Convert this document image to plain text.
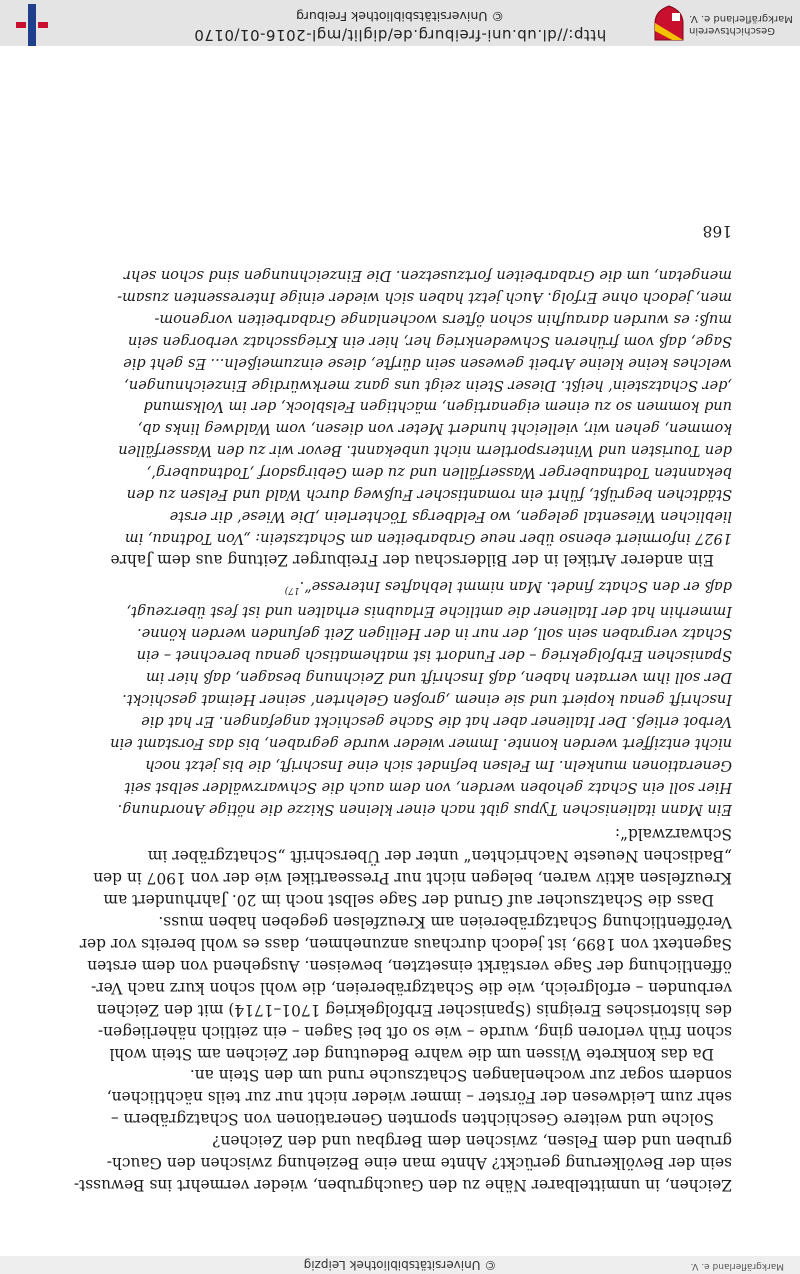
© Universitätsbibliothek Leipzig	Markgräflerland e. V.
Zeichen, in unmittelbarer Nähe zu den Gauchgruben, wieder vermehrt ins Bewusst-
sein der Bevölkerung gerückt? Ahnte man eine Beziehung zwischen den Gauch-
gruben und dem Felsen, zwischen dem Bergbau und den Zeichen?
Solche und weitere Geschichten spornten Generationen von Schatzgräbern –
sehr zum Leidwesen der Förster – immer wieder nicht nur zur teils nächtlichen,
sondern sogar zur wochenlangen Schatzsuche rund um den Stein an.
Da das konkrete Wissen um die wahre Bedeutung der Zeichen am Stein wohl
schon früh verloren ging, wurde – wie so oft bei Sagen – ein zeitlich näherliegen-
des historisches Ereignis (Spanischer Erbfolgekrieg 1701–1714) mit den Zeichen
verbunden – erfolgreich, wie die Schatzgräbereien, die wohl schon kurz nach Ver-
öffentlichung der Sage verstärkt einsetzten, beweisen. Ausgehend von dem ersten
Sagentext von 1899, ist jedoch durchaus anzunehmen, dass es wohl bereits vor der
Veröffentlichung Schatzgräbereien am Kreuzfelsen gegeben haben muss.
Dass die Schatzsucher auf Grund der Sage selbst noch im 20. Jahrhundert am
Kreuzfelsen aktiv waren, belegen nicht nur Presseartikel wie der von 1907 in den
„Badischen Neueste Nachrichten“ unter der Überschrift „Schatzgräber im
Schwarzwald“:
Ein Mann italienischen Typus gibt nach einer kleinen Skizze die nötige Anordnung.
Hier soll ein Schatz gehoben werden, von dem auch die Schwarzwälder selbst seit
Generationen munkeln. Im Felsen befindet sich eine Inschrift, die bis jetzt noch
nicht entziffert werden konnte. Immer wieder wurde gegraben, bis das Forstamt ein
Verbot erließ. Der Italiener aber hat die Sache geschickt angefangen. Er hat die
Inschrift genau kopiert und sie einem ‚großen Gelehrten‘ seiner Heimat geschickt.
Der soll ihm verraten haben, daß Inschrift und Zeichnung besagen, daß hier im
Spanischen Erbfolgekrieg – der Fundort ist mathematisch genau berechnet – ein
Schatz vergraben sein soll, der nur in der Heiligen Zeit gefunden werden könne.
Immerhin hat der Italiener die amtliche Erlaubnis erhalten und ist fest überzeugt,
daß er den Schatz findet. Man nimmt lebhaftes Interesse“.$^{17)}$
Ein anderer Artikel in der Bilderschau der Freiburger Zeitung aus dem Jahre
1927 informiert ebenso über neue Grabarbeiten am Schatzstein: „Von Todtnau, im
lieblichen Wiesental gelegen, wo Feldbergs Töchterlein ‚Die Wiese‘ dir erste
Städtchen begrüßt, führt ein romantischer Fußweg durch Wald und Felsen zu den
bekannten Todtnauberger Wasserfällen und zu dem Gebirgsdorf ‚Todtnauberg‘,
den Touristen und Wintersportlern nicht unbekannt. Bevor wir zu den Wasserfällen
kommen, gehen wir, vielleicht hundert Meter von diesen, vom Waldweg links ab,
und kommen so zu einem eigenartigen, mächtigen Felsblock, der im Volksmund
‚der Schatzstein‘ heißt. Dieser Stein zeigt uns ganz merkwürdige Einzeichnungen,
welches keine kleine Arbeit gewesen sein dürfte, diese einzumeißeln... Es geht die
Sage, daß vom früheren Schwedenkrieg her, hier ein Kriegsschatz verborgen sein
muß: es wurden daraufhin schon öfters wochenlange Grabarbeiten vorgenom-
men, jedoch ohne Erfolg. Auch jetzt haben sich wieder einige Interessenten zusam-
mengetan, um die Grabarbeiten fortzusetzen. Die Einzeichnungen sind schon sehr
168
Geschichtsverein
Markgräflerland e. V.
http://dl.ub.uni-freiburg.de/diglit/mgl-2016-01/0170
© Universitätsbibliothek Freiburg
